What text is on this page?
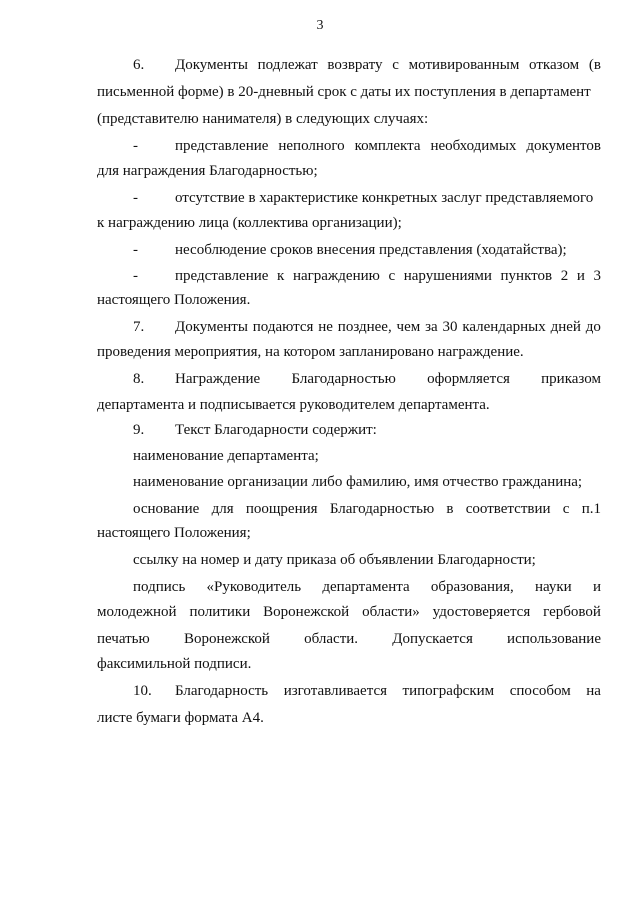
3
6. Документы подлежат возврату с мотивированным отказом (в
письменной форме) в 20-дневный срок с даты их поступления в департамент
(представителю нанимателя) в следующих случаях:
- представление неполного комплекта необходимых документов
для награждения Благодарностью;
- отсутствие в характеристике конкретных заслуг представляемого
к награждению лица (коллектива организации);
- несоблюдение сроков внесения представления (ходатайства);
- представление к награждению с нарушениями пунктов 2 и 3
настоящего Положения.
7. Документы подаются не позднее, чем за 30 календарных дней до
проведения мероприятия, на котором запланировано награждение.
8. Награждение Благодарностью оформляется приказом
департамента и подписывается руководителем департамента.
9. Текст Благодарности содержит:
наименование департамента;
наименование организации либо фамилию, имя отчество гражданина;
основание для поощрения Благодарностью в соответствии с п.1
настоящего Положения;
ссылку на номер и дату приказа об объявлении Благодарности;
подпись «Руководитель департамента образования, науки и
молодежной политики Воронежской области» удостоверяется гербовой
печатью Воронежской области. Допускается использование
факсимильной подписи.
10. Благодарность изготавливается типографским способом на
листе бумаги формата А4.
